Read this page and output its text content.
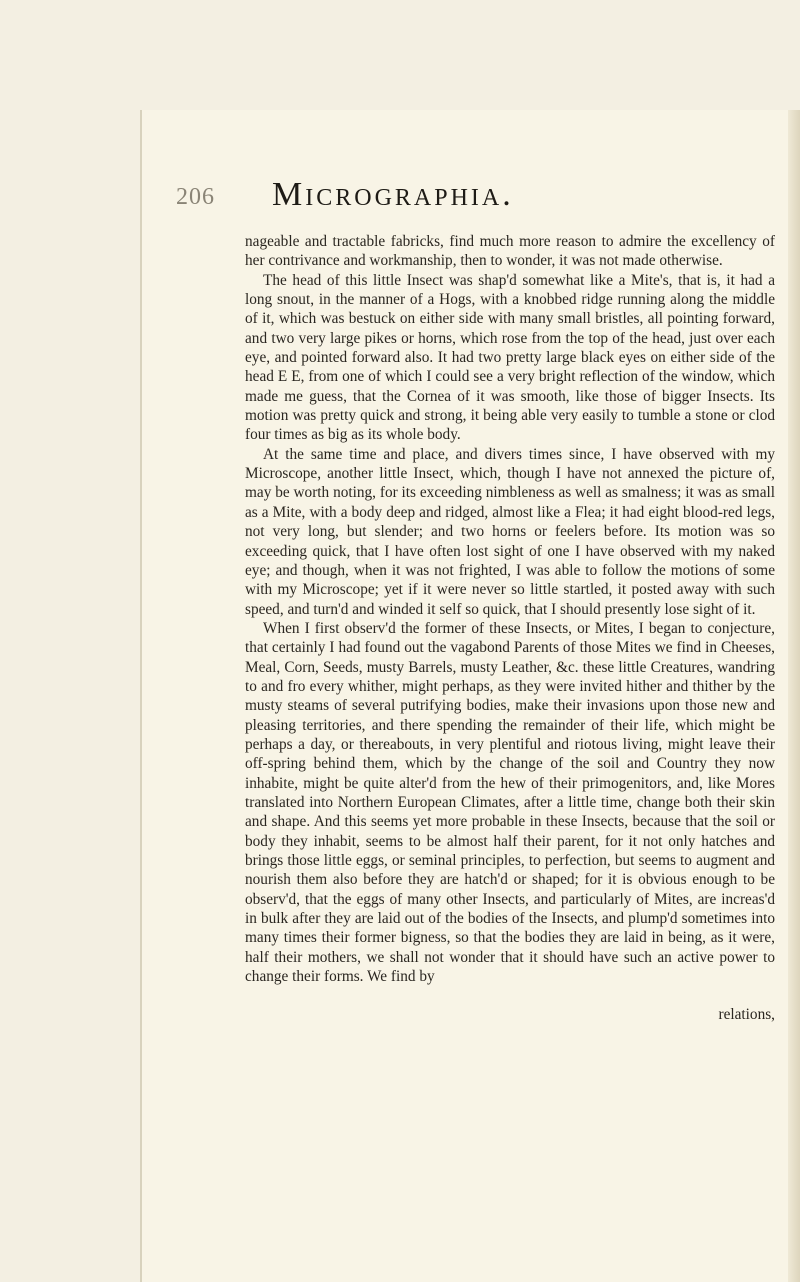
206 Micrographia.

nageable and tractable fabricks, find much more reason to admire the excellency of her contrivance and workmanship, then to wonder, it was not made otherwise.

The head of this little Insect was shap'd somewhat like a Mite's, that is, it had a long snout, in the manner of a Hogs, with a knobbed ridge running along the middle of it, which was bestuck on either side with many small bristles, all pointing forward, and two very large pikes or horns, which rose from the top of the head, just over each eye, and pointed forward also. It had two pretty large black eyes on either side of the head E E, from one of which I could see a very bright reflection of the window, which made me guess, that the Cornea of it was smooth, like those of bigger Insects. Its motion was pretty quick and strong, it being able very easily to tumble a stone or clod four times as big as its whole body.

At the same time and place, and divers times since, I have observed with my Microscope, another little Insect, which, though I have not annexed the picture of, may be worth noting, for its exceeding nimbleness as well as smalness; it was as small as a Mite, with a body deep and ridged, almost like a Flea; it had eight blood-red legs, not very long, but slender; and two horns or feelers before. Its motion was so exceeding quick, that I have often lost sight of one I have observed with my naked eye; and though, when it was not frighted, I was able to follow the motions of some with my Microscope; yet if it were never so little startled, it posted away with such speed, and turn'd and winded it self so quick, that I should presently lose sight of it.

When I first observ'd the former of these Insects, or Mites, I began to conjecture, that certainly I had found out the vagabond Parents of those Mites we find in Cheeses, Meal, Corn, Seeds, musty Barrels, musty Leather, &c. these little Creatures, wandring to and fro every whither, might perhaps, as they were invited hither and thither by the musty steams of several putrifying bodies, make their invasions upon those new and pleasing territories, and there spending the remainder of their life, which might be perhaps a day, or thereabouts, in very plentiful and riotous living, might leave their off-spring behind them, which by the change of the soil and Country they now inhabite, might be quite alter'd from the hew of their primogenitors, and, like Mores translated into Northern European Climates, after a little time, change both their skin and shape. And this seems yet more probable in these Insects, because that the soil or body they inhabit, seems to be almost half their parent, for it not only hatches and brings those little eggs, or seminal principles, to perfection, but seems to augment and nourish them also before they are hatch'd or shaped; for it is obvious enough to be observ'd, that the eggs of many other Insects, and particularly of Mites, are increas'd in bulk after they are laid out of the bodies of the Insects, and plump'd sometimes into many times their former bigness, so that the bodies they are laid in being, as it were, half their mothers, we shall not wonder that it should have such an active power to change their forms. We find by

relations,
